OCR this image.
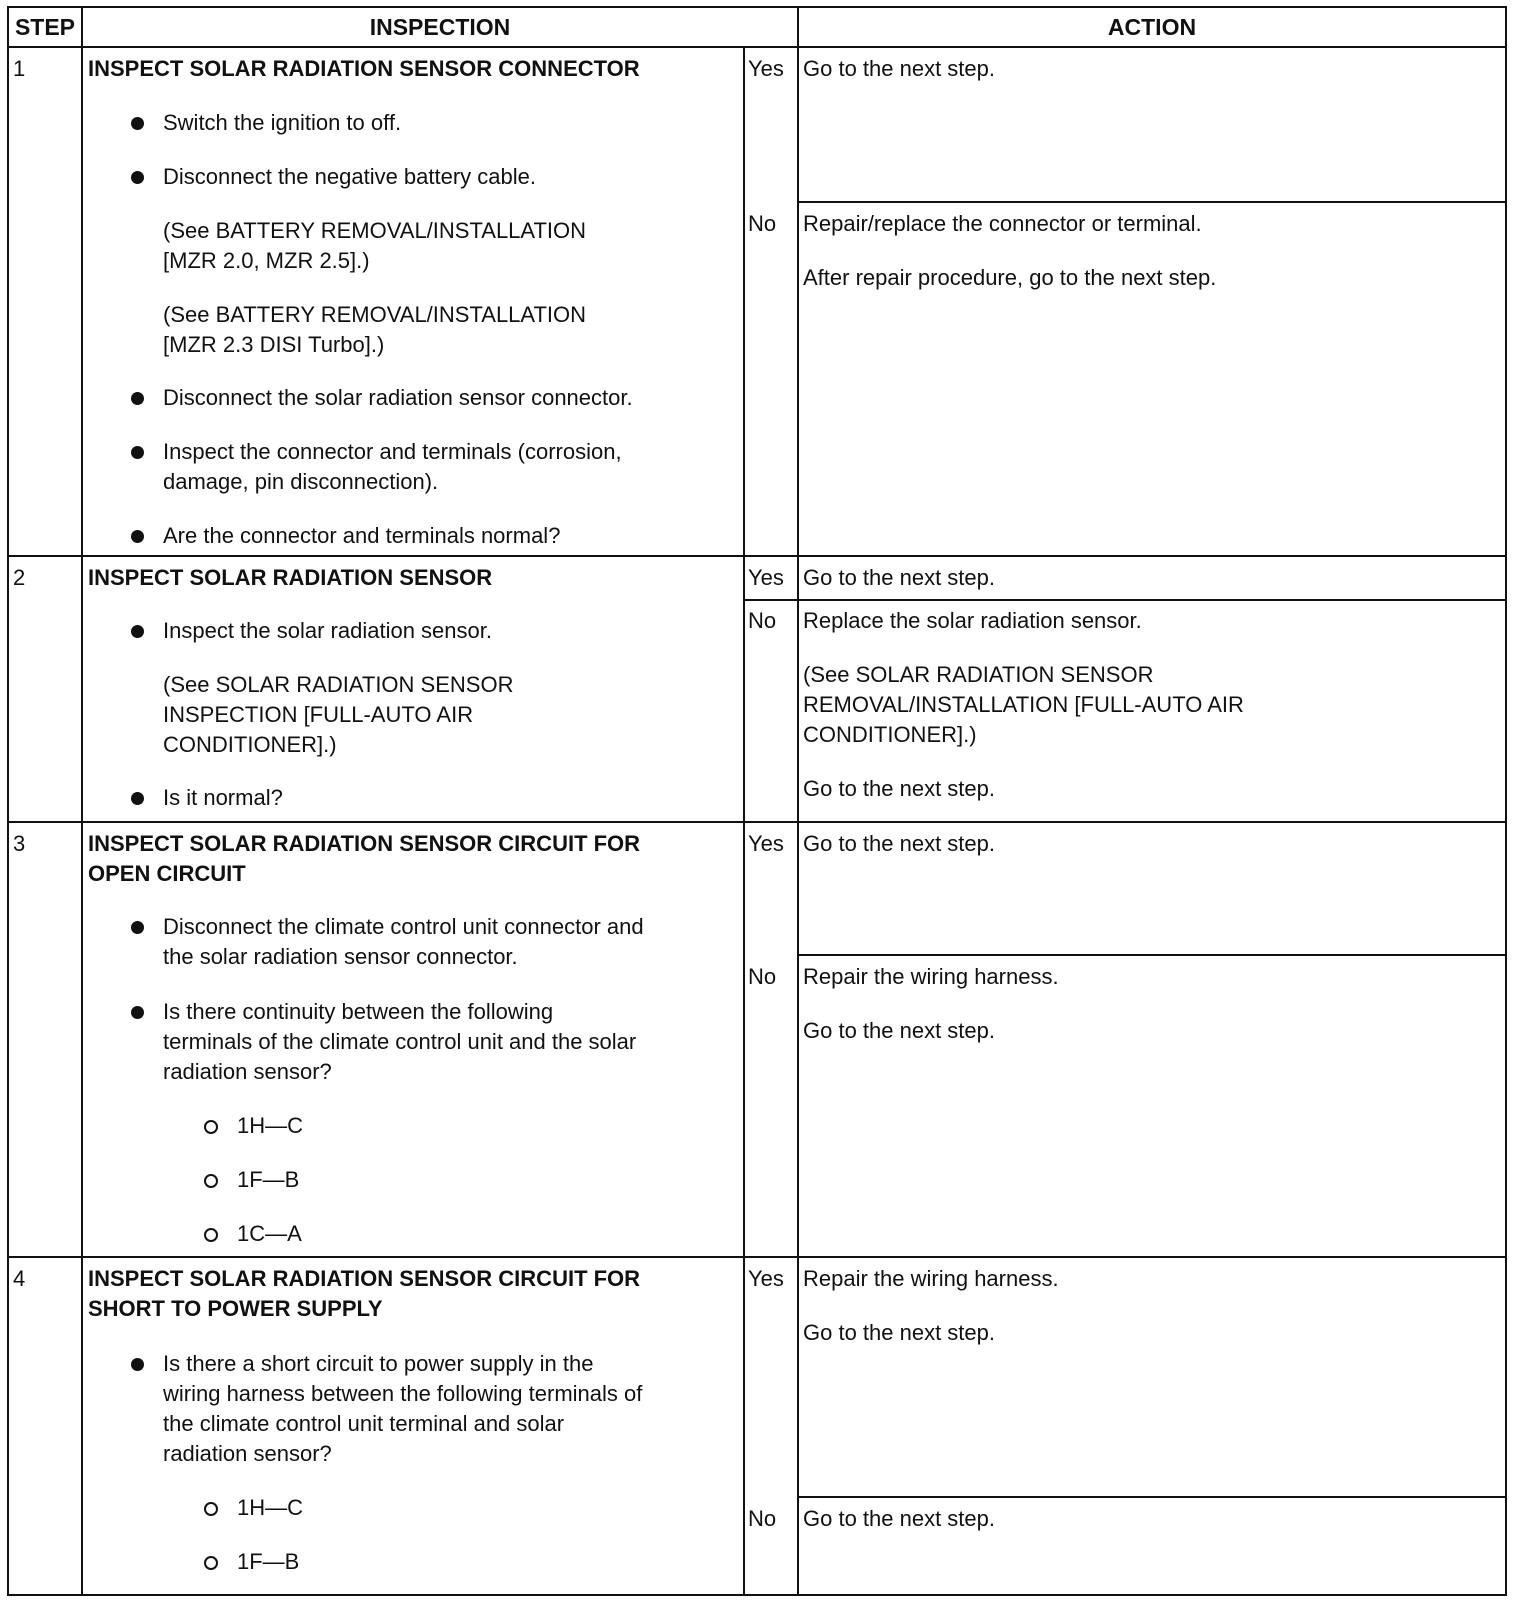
STEP	INSPECTION	ACTION
1	INSPECT SOLAR RADIATION SENSOR CONNECTOR
Switch the ignition to off.
Disconnect the negative battery cable.
(See BATTERY REMOVAL/INSTALLATION
[MZR 2.0, MZR 2.5].)
(See BATTERY REMOVAL/INSTALLATION
[MZR 2.3 DISI Turbo].)
Disconnect the solar radiation sensor connector.
Inspect the connector and terminals (corrosion,
damage, pin disconnection).
Are the connector and terminals normal?
Yes Go to the next step.
No Repair/replace the connector or terminal.
After repair procedure, go to the next step.
2	INSPECT SOLAR RADIATION SENSOR
Inspect the solar radiation sensor.
(See SOLAR RADIATION SENSOR
INSPECTION [FULL-AUTO AIR
CONDITIONER].)
Is it normal?
Yes Go to the next step.
No Replace the solar radiation sensor.
(See SOLAR RADIATION SENSOR
REMOVAL/INSTALLATION [FULL-AUTO AIR
CONDITIONER].)
Go to the next step.
3	INSPECT SOLAR RADIATION SENSOR CIRCUIT FOR
OPEN CIRCUIT
Disconnect the climate control unit connector and
the solar radiation sensor connector.
Is there continuity between the following
terminals of the climate control unit and the solar
radiation sensor?
1H—C
1F—B
1C—A
Yes Go to the next step.
No Repair the wiring harness.
Go to the next step.
4	INSPECT SOLAR RADIATION SENSOR CIRCUIT FOR
SHORT TO POWER SUPPLY
Is there a short circuit to power supply in the
wiring harness between the following terminals of
the climate control unit terminal and solar
radiation sensor?
1H—C
1F—B
Yes Repair the wiring harness.
Go to the next step.
No Go to the next step.
